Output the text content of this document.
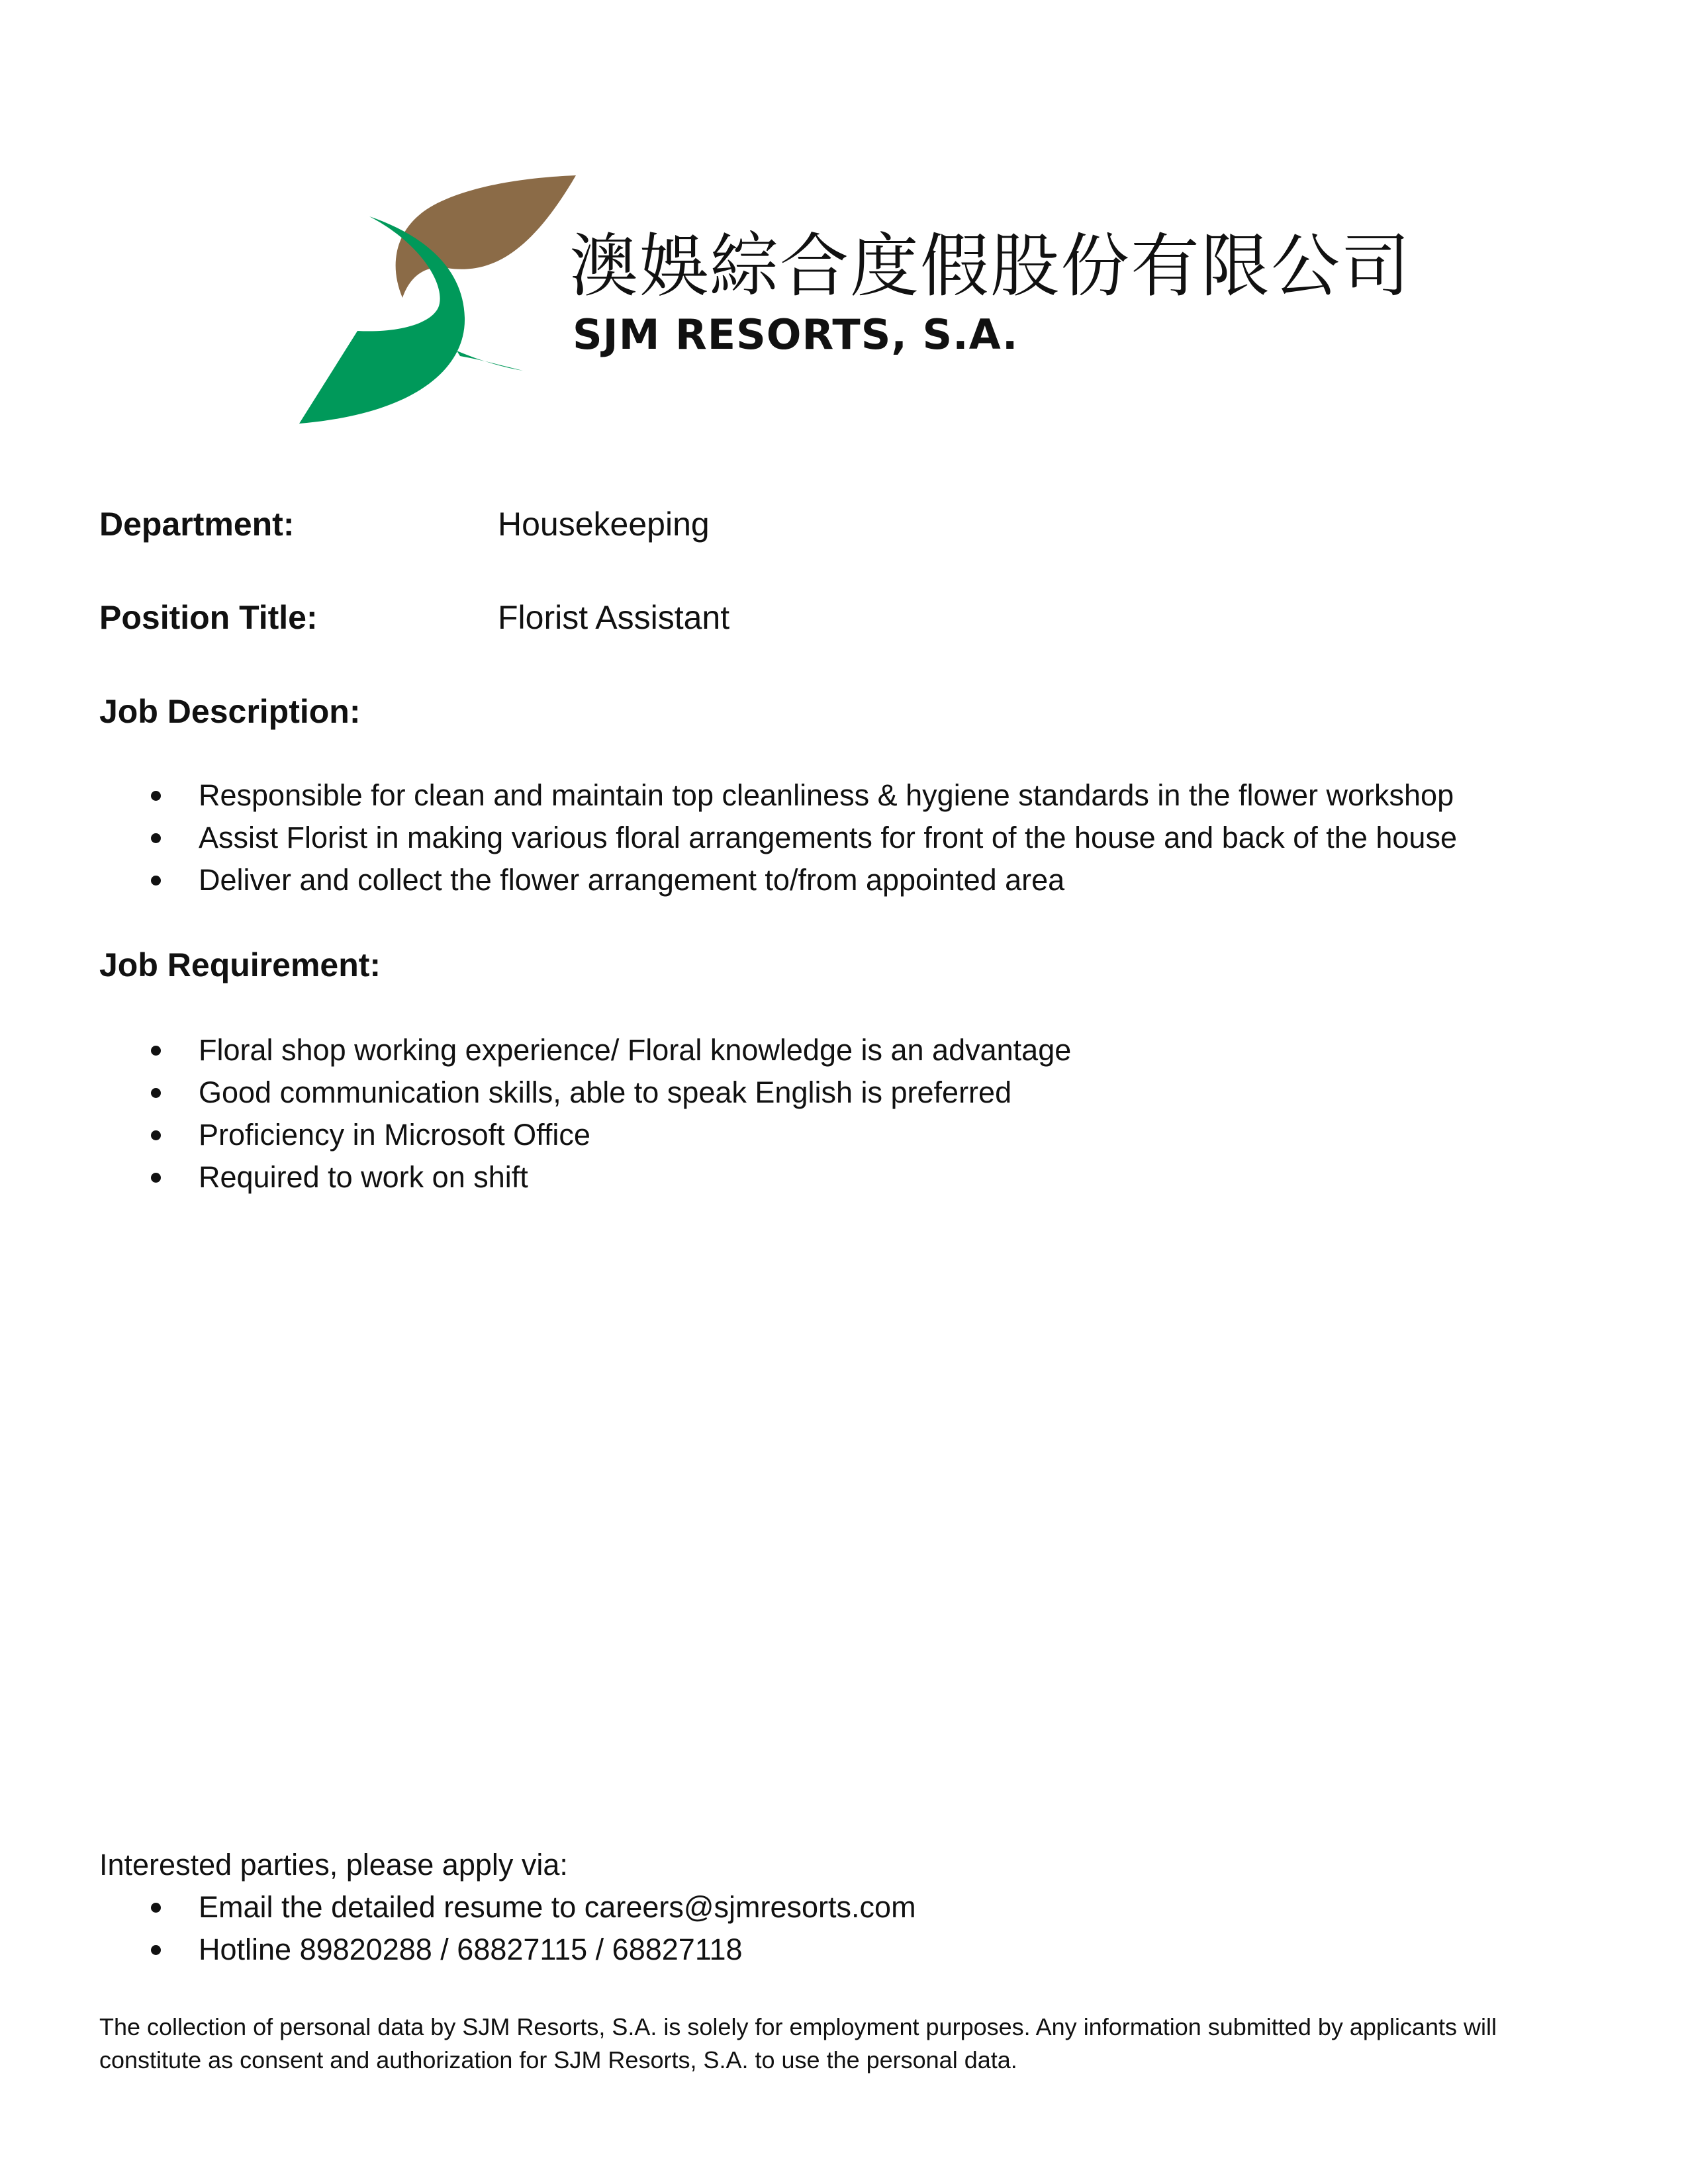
澳娛綜合度假股份有限公司
SJM RESORTS, S.A.
Department:	Housekeeping
Position Title:	Florist Assistant
Job Description:
Responsible for clean and maintain top cleanliness & hygiene standards in the flower workshop
Assist Florist in making various floral arrangements for front of the house and back of the house
Deliver and collect the flower arrangement to/from appointed area
Job Requirement:
Floral shop working experience/ Floral knowledge is an advantage
Good communication skills, able to speak English is preferred
Proficiency in Microsoft Office
Required to work on shift
Interested parties, please apply via:
Email the detailed resume to careers@sjmresorts.com
Hotline 89820288 / 68827115 / 68827118
The collection of personal data by SJM Resorts, S.A. is solely for employment purposes. Any information submitted by applicants will constitute as consent and authorization for SJM Resorts, S.A. to use the personal data.
